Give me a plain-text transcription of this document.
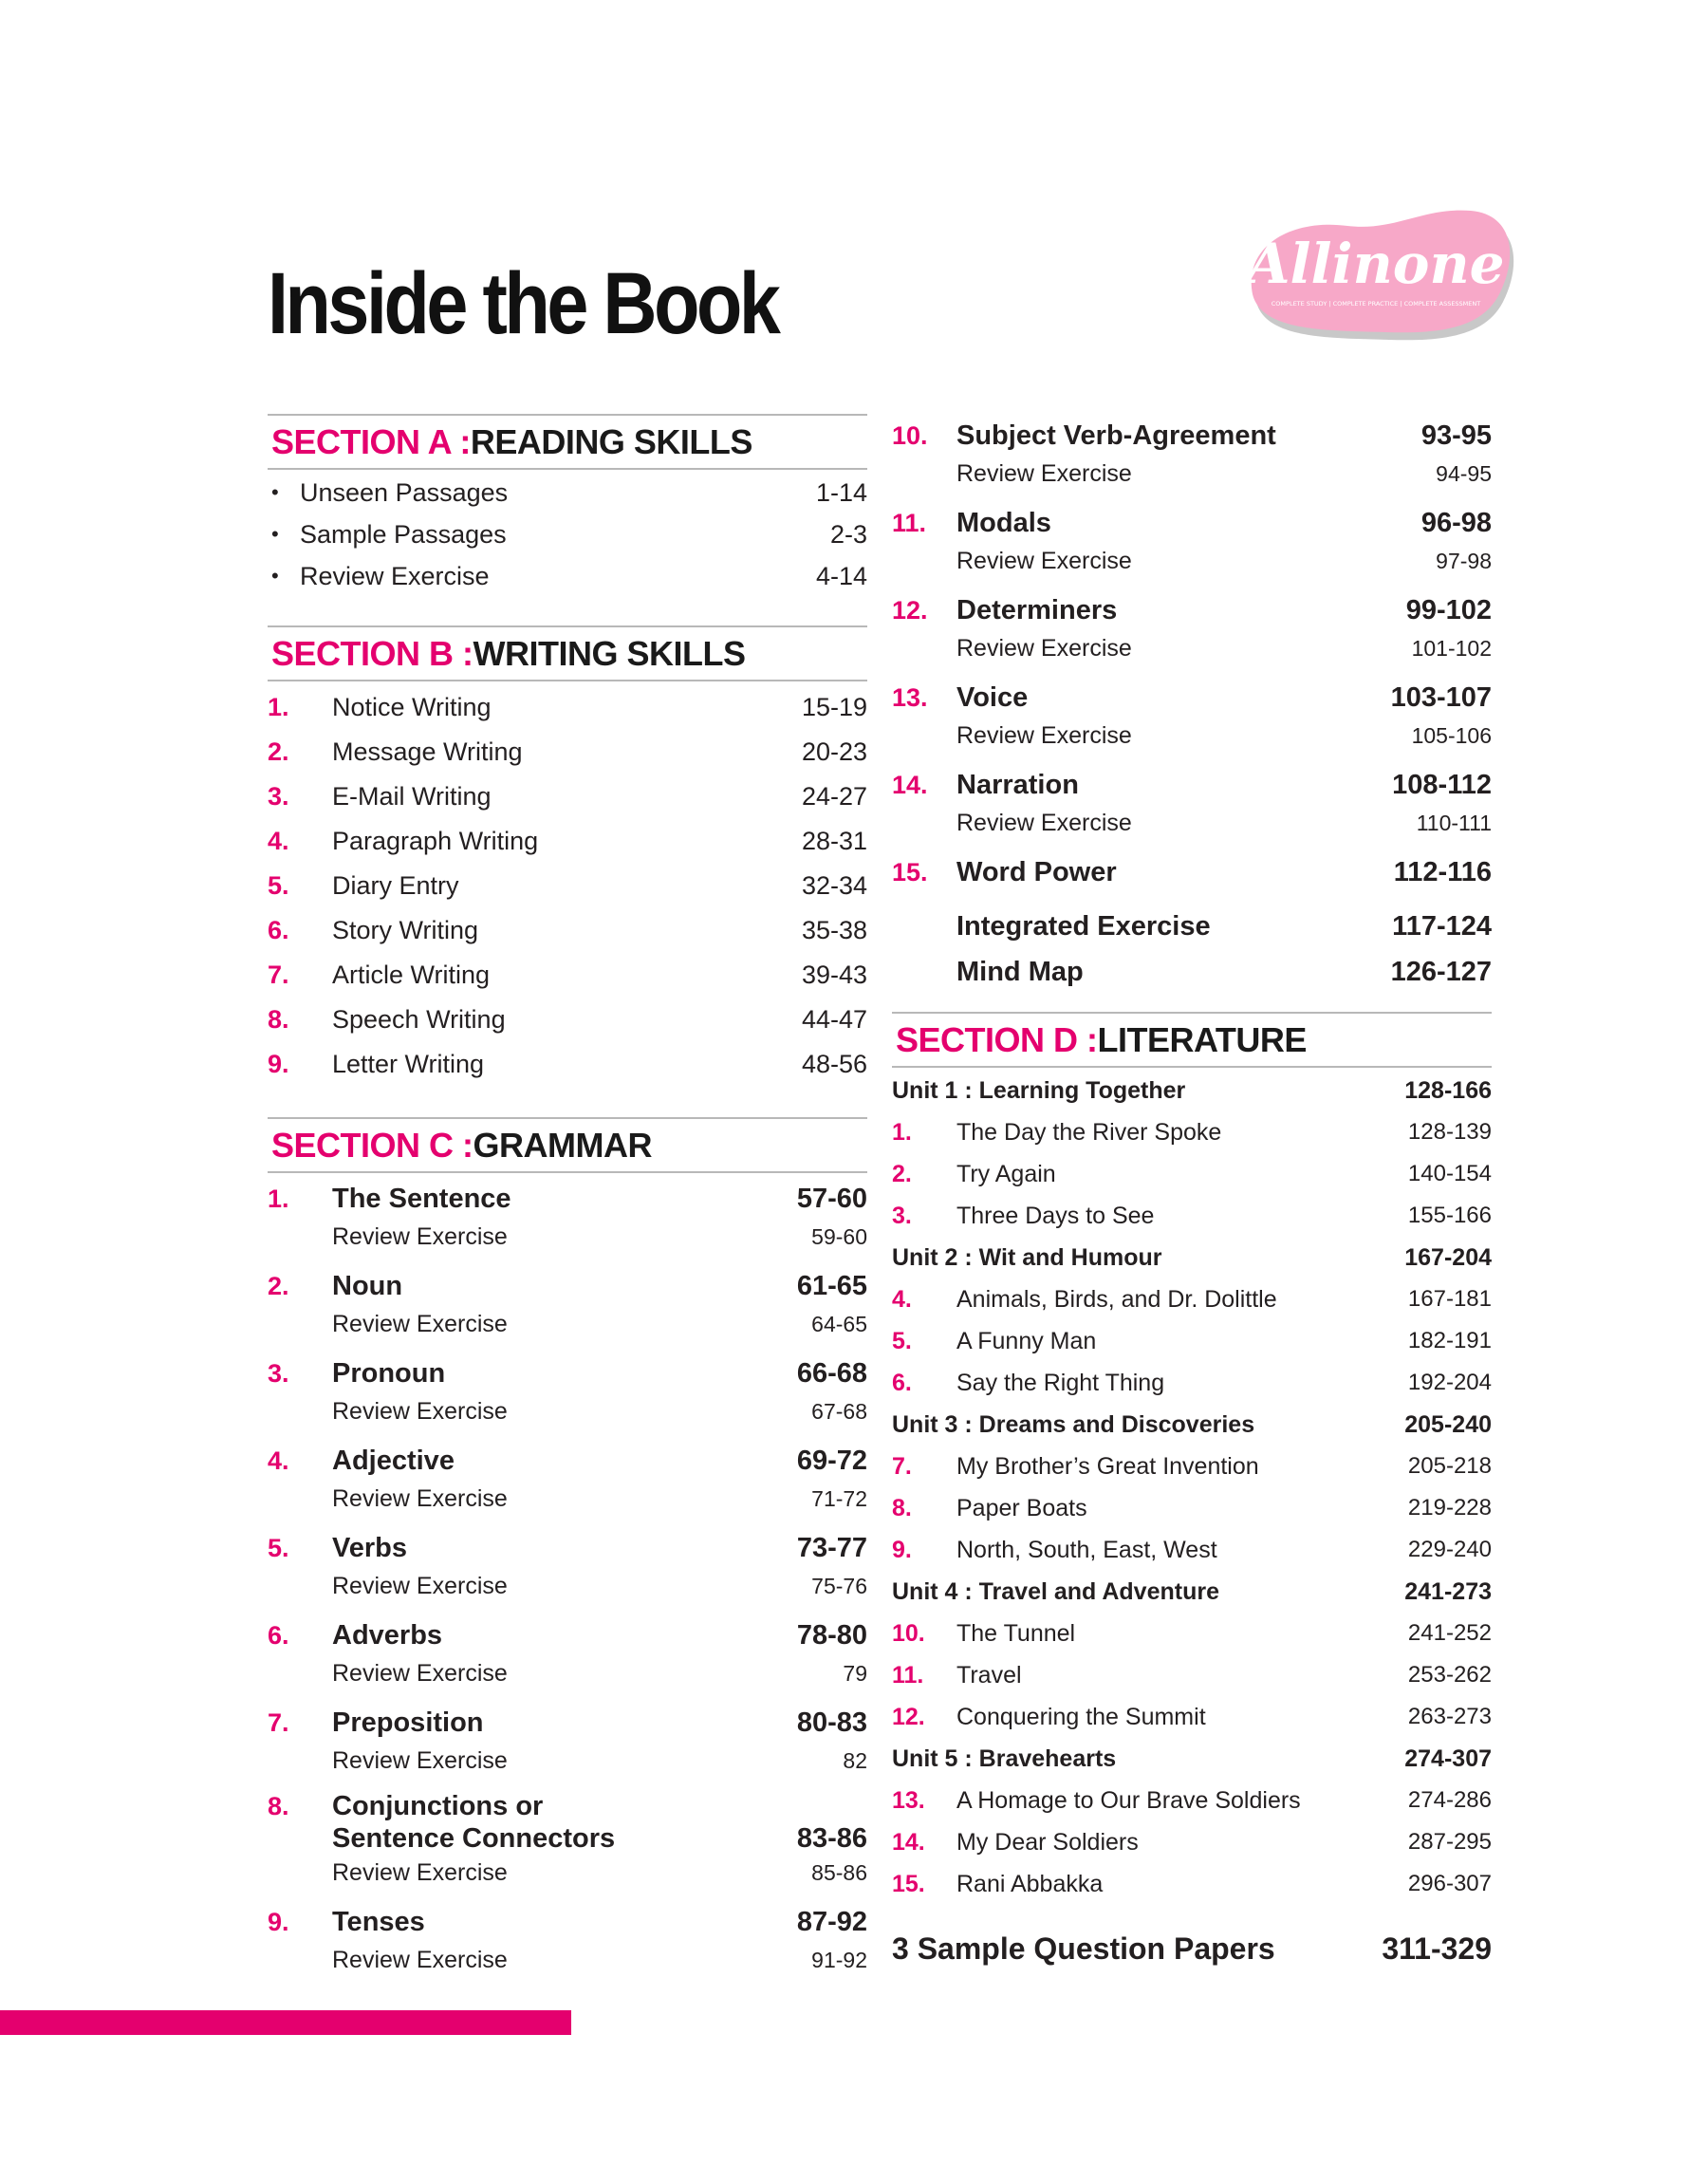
Inside the Book	Allinone
COMPLETE STUDY | COMPLETE PRACTICE | COMPLETE ASSESSMENT
SECTION A : READING SKILLS
• Unseen Passages	1-14
• Sample Passages	2-3
• Review Exercise	4-14
SECTION B : WRITING SKILLS
1.	Notice Writing	15-19
2.	Message Writing	20-23
3.	E-Mail Writing	24-27
4.	Paragraph Writing	28-31
5.	Diary Entry	32-34
6.	Story Writing	35-38
7.	Article Writing	39-43
8.	Speech Writing	44-47
9.	Letter Writing	48-56
SECTION C : GRAMMAR
1.	The Sentence	57-60
Review Exercise	59-60
2.	Noun	61-65
Review Exercise	64-65
3.	Pronoun	66-68
Review Exercise	67-68
4.	Adjective	69-72
Review Exercise	71-72
5.	Verbs	73-77
Review Exercise	75-76
6.	Adverbs	78-80
Review Exercise	79
7.	Preposition	80-83
Review Exercise	82
8.	Conjunctions or
Sentence Connectors	83-86
Review Exercise	85-86
9.	Tenses	87-92
Review Exercise	91-92
10.	Subject Verb-Agreement	93-95
Review Exercise	94-95
11.	Modals	96-98
Review Exercise	97-98
12.	Determiners	99-102
Review Exercise	101-102
13.	Voice	103-107
Review Exercise	105-106
14.	Narration	108-112
Review Exercise	110-111
15.	Word Power	112-116
Integrated Exercise	117-124
Mind Map	126-127
SECTION D : LITERATURE
Unit 1 : Learning Together	128-166
1.	The Day the River Spoke	128-139
2.	Try Again	140-154
3.	Three Days to See	155-166
Unit 2 : Wit and Humour	167-204
4.	Animals, Birds, and Dr. Dolittle	167-181
5.	A Funny Man	182-191
6.	Say the Right Thing	192-204
Unit 3 : Dreams and Discoveries	205-240
7.	My Brother’s Great Invention	205-218
8.	Paper Boats	219-228
9.	North, South, East, West	229-240
Unit 4 : Travel and Adventure	241-273
10.	The Tunnel	241-252
11.	Travel	253-262
12.	Conquering the Summit	263-273
Unit 5 : Bravehearts	274-307
13.	A Homage to Our Brave Soldiers	274-286
14.	My Dear Soldiers	287-295
15.	Rani Abbakka	296-307
3 Sample Question Papers	311-329
